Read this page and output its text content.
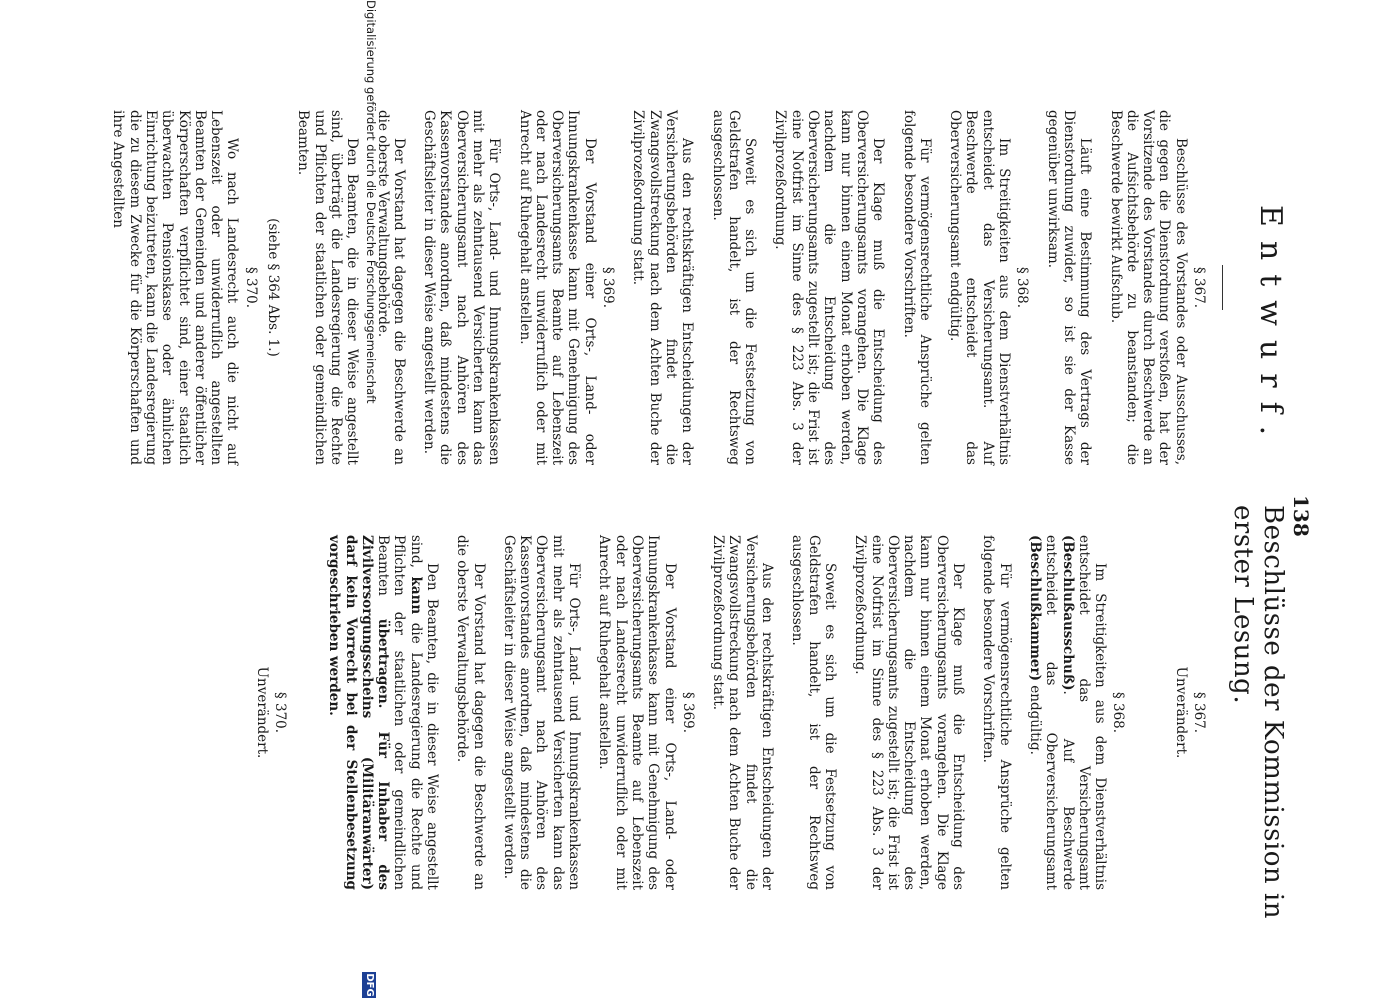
Entwurf.
138
Beschlüsse der Kommission in erster Lesung.
§ 367.

Beschlüsse des Vorstandes oder Ausschusses, die gegen die Dienstordnung verstoßen, hat der Vorsitzende des Vorstandes durch Beschwerde an die Aufsichtsbehörde zu beanstanden; die Beschwerde bewirkt Aufschub.

Läuft eine Bestimmung des Vertrags der Dienstordnung zuwider, so ist sie der Kasse gegenüber unwirksam.

§ 368.

Im Streitigkeiten aus dem Dienstverhältnis entscheidet das Versicherungsamt. Auf Beschwerde entscheidet das Oberversicherungsamt endgültig.

Für vermögensrechtliche Ansprüche gelten folgende besondere Vorschriften.

Der Klage muß die Entscheidung des Oberversicherungsamts vorangehen. Die Klage kann nur binnen einem Monat erhoben werden, nachdem die Entscheidung des Oberversicherungsamts zugestellt ist; die Frist ist eine Notfrist im Sinne des § 223 Abs. 3 der Zivilprozeßordnung.

Soweit es sich um die Festsetzung von Geldstrafen handelt, ist der Rechtsweg ausgeschlossen.

Aus den rechtskräftigen Entscheidungen der Versicherungsbehörden findet die Zwangsvollstreckung nach dem Achten Buche der Zivilprozeßordnung statt.

§ 369.

Der Vorstand einer Orts-, Land- oder Innungskrankenkasse kann mit Genehmigung des Oberversicherungsamts Beamte auf Lebenszeit oder nach Landesrecht unwiderruflich oder mit Anrecht auf Ruhegehalt anstellen.

Für Orts-, Land- und Innungskrankenkassen mit mehr als zehntausend Versicherten kann das Oberversicherungsamt nach Anhören des Kassenvorstandes anordnen, daß mindestens die Geschäftsleiter in dieser Weise angestellt werden.

Der Vorstand hat dagegen die Beschwerde an die oberste Verwaltungsbehörde.

Den Beamten, die in dieser Weise angestellt sind, überträgt die Landesregierung die Rechte und Pflichten der staatlichen oder gemeindlichen Beamten.

(siehe § 364 Abs. 1.)
§ 370.

Wo nach Landesrecht auch die nicht auf Lebenszeit oder unwiderruflich angestellten Beamten der Gemeinden und anderer öffentlicher Körperschaften verpflichtet sind, einer staatlich überwachten Pensionskasse oder ähnlichen Einrichtung beizutreten, kann die Landesregierung die zu diesem Zwecke für die Körperschaften und ihre Angestellten

§ 367.

Unverändert.

§ 368.

Im Streitigkeiten aus dem Dienstverhältnis entscheidet das Versicherungsamt (Beschlußausschuß). Auf Beschwerde entscheidet das Oberversicherungsamt (Beschlußkammer) endgültig.

Für vermögensrechtliche Ansprüche gelten folgende besondere Vorschriften.

Der Klage muß die Entscheidung des Oberversicherungsamts vorangehen. Die Klage kann nur binnen einem Monat erhoben werden, nachdem die Entscheidung des Oberversicherungsamts zugestellt ist; die Frist ist eine Notfrist im Sinne des § 223 Abs. 3 der Zivilprozeßordnung.

Soweit es sich um die Festsetzung von Geldstrafen handelt, ist der Rechtsweg ausgeschlossen.

Aus den rechtskräftigen Entscheidungen der Versicherungsbehörden findet die Zwangsvollstreckung nach dem Achten Buche der Zivilprozeßordnung statt.

§ 369.

Der Vorstand einer Orts-, Land- oder Innungskrankenkasse kann mit Genehmigung des Oberversicherungsamts Beamte auf Lebenszeit oder nach Landesrecht unwiderruflich oder mit Anrecht auf Ruhegehalt anstellen.

Für Orts-, Land- und Innungskrankenkassen mit mehr als zehntausend Versicherten kann das Oberversicherungsamt nach Anhören des Kassenvorstandes anordnen, daß mindestens die Geschäftsleiter in dieser Weise angestellt werden.

Der Vorstand hat dagegen die Beschwerde an die oberste Verwaltungsbehörde.

Den Beamten, die in dieser Weise angestellt sind, kann die Landesregierung die Rechte und Pflichten der staatlichen oder gemeindlichen Beamten übertragen. Für Inhaber des Zivilversorgungsscheins (Militäranwärter) darf kein Vorrecht bei der Stellenbesetzung vorgeschrieben werden.

§ 370.

Unverändert.

Digitalisierung gefördert durch die Deutsche Forschungsgemeinschaft
DFG
